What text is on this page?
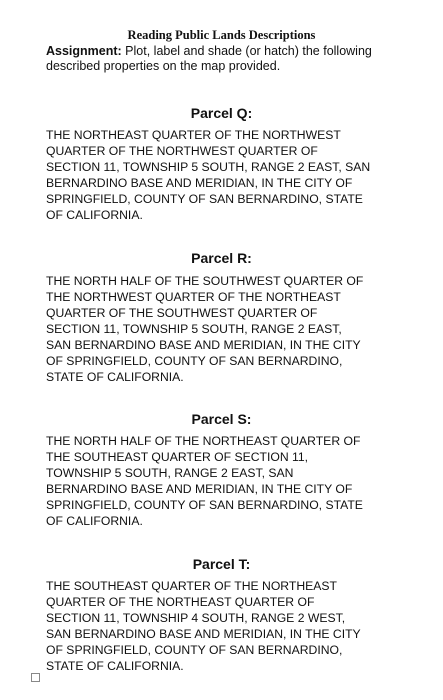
Reading Public Lands Descriptions

Assignment: Plot, label and shade (or hatch) the following
described properties on the map provided.

Parcel Q:

THE NORTHEAST QUARTER OF THE NORTHWEST
QUARTER OF THE NORTHWEST QUARTER OF
SECTION 11, TOWNSHIP 5 SOUTH, RANGE 2 EAST, SAN
BERNARDINO BASE AND MERIDIAN, IN THE CITY OF
SPRINGFIELD, COUNTY OF SAN BERNARDINO, STATE
OF CALIFORNIA.

Parcel R:

THE NORTH HALF OF THE SOUTHWEST QUARTER OF
THE NORTHWEST QUARTER OF THE NORTHEAST
QUARTER OF THE SOUTHWEST QUARTER OF
SECTION 11, TOWNSHIP 5 SOUTH, RANGE 2 EAST,
SAN BERNARDINO BASE AND MERIDIAN, IN THE CITY
OF SPRINGFIELD, COUNTY OF SAN BERNARDINO,
STATE OF CALIFORNIA.

Parcel S:

THE NORTH HALF OF THE NORTHEAST QUARTER OF
THE SOUTHEAST QUARTER OF SECTION 11,
TOWNSHIP 5 SOUTH, RANGE 2 EAST, SAN
BERNARDINO BASE AND MERIDIAN, IN THE CITY OF
SPRINGFIELD, COUNTY OF SAN BERNARDINO, STATE
OF CALIFORNIA.

Parcel T:

THE SOUTHEAST QUARTER OF THE NORTHEAST
QUARTER OF THE NORTHEAST QUARTER OF
SECTION 11, TOWNSHIP 4 SOUTH, RANGE 2 WEST,
SAN BERNARDINO BASE AND MERIDIAN, IN THE CITY
OF SPRINGFIELD, COUNTY OF SAN BERNARDINO,
STATE OF CALIFORNIA.
